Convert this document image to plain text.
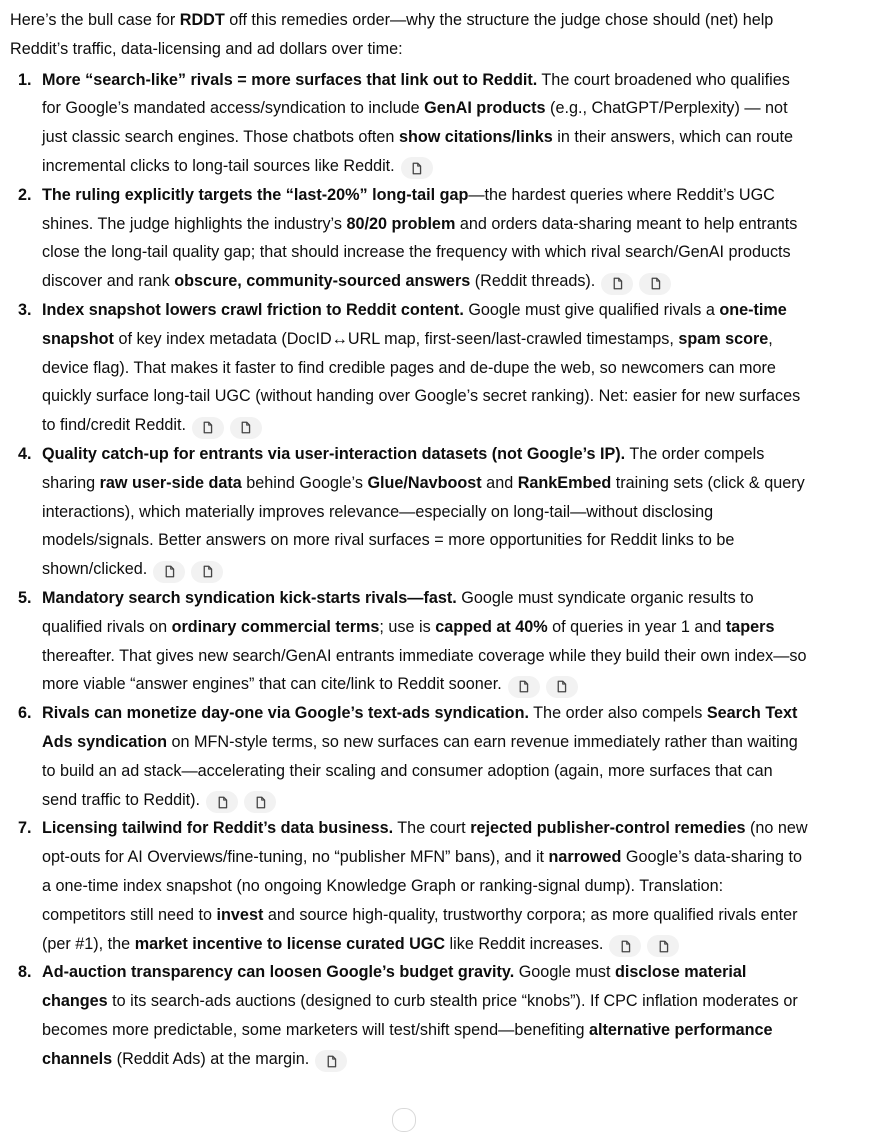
Here’s the bull case for RDDT off this remedies order—why the structure the judge chose should (net) help Reddit’s traffic, data-licensing and ad dollars over time:

1. More “search-like” rivals = more surfaces that link out to Reddit. The court broadened who qualifies for Google’s mandated access/syndication to include GenAI products (e.g., ChatGPT/Perplexity) — not just classic search engines. Those chatbots often show citations/links in their answers, which can route incremental clicks to long-tail sources like Reddit.
2. The ruling explicitly targets the “last-20%” long-tail gap—the hardest queries where Reddit’s UGC shines. The judge highlights the industry’s 80/20 problem and orders data-sharing meant to help entrants close the long-tail quality gap; that should increase the frequency with which rival search/GenAI products discover and rank obscure, community-sourced answers (Reddit threads).
3. Index snapshot lowers crawl friction to Reddit content. Google must give qualified rivals a one-time snapshot of key index metadata (DocID↔URL map, first-seen/last-crawled timestamps, spam score, device flag). That makes it faster to find credible pages and de-dupe the web, so newcomers can more quickly surface long-tail UGC (without handing over Google’s secret ranking). Net: easier for new surfaces to find/credit Reddit.
4. Quality catch-up for entrants via user-interaction datasets (not Google’s IP). The order compels sharing raw user-side data behind Google’s Glue/Navboost and RankEmbed training sets (click & query interactions), which materially improves relevance—especially on long-tail—without disclosing models/signals. Better answers on more rival surfaces = more opportunities for Reddit links to be shown/clicked.
5. Mandatory search syndication kick-starts rivals—fast. Google must syndicate organic results to qualified rivals on ordinary commercial terms; use is capped at 40% of queries in year 1 and tapers thereafter. That gives new search/GenAI entrants immediate coverage while they build their own index—so more viable “answer engines” that can cite/link to Reddit sooner.
6. Rivals can monetize day-one via Google’s text-ads syndication. The order also compels Search Text Ads syndication on MFN-style terms, so new surfaces can earn revenue immediately rather than waiting to build an ad stack—accelerating their scaling and consumer adoption (again, more surfaces that can send traffic to Reddit).
7. Licensing tailwind for Reddit’s data business. The court rejected publisher-control remedies (no new opt-outs for AI Overviews/fine-tuning, no “publisher MFN” bans), and it narrowed Google’s data-sharing to a one-time index snapshot (no ongoing Knowledge Graph or ranking-signal dump). Translation: competitors still need to invest and source high-quality, trustworthy corpora; as more qualified rivals enter (per #1), the market incentive to license curated UGC like Reddit increases.
8. Ad-auction transparency can loosen Google’s budget gravity. Google must disclose material changes to its search-ads auctions (designed to curb stealth price “knobs”). If CPC inflation moderates or becomes more predictable, some marketers will test/shift spend—benefiting alternative performance channels (Reddit Ads) at the margin.
